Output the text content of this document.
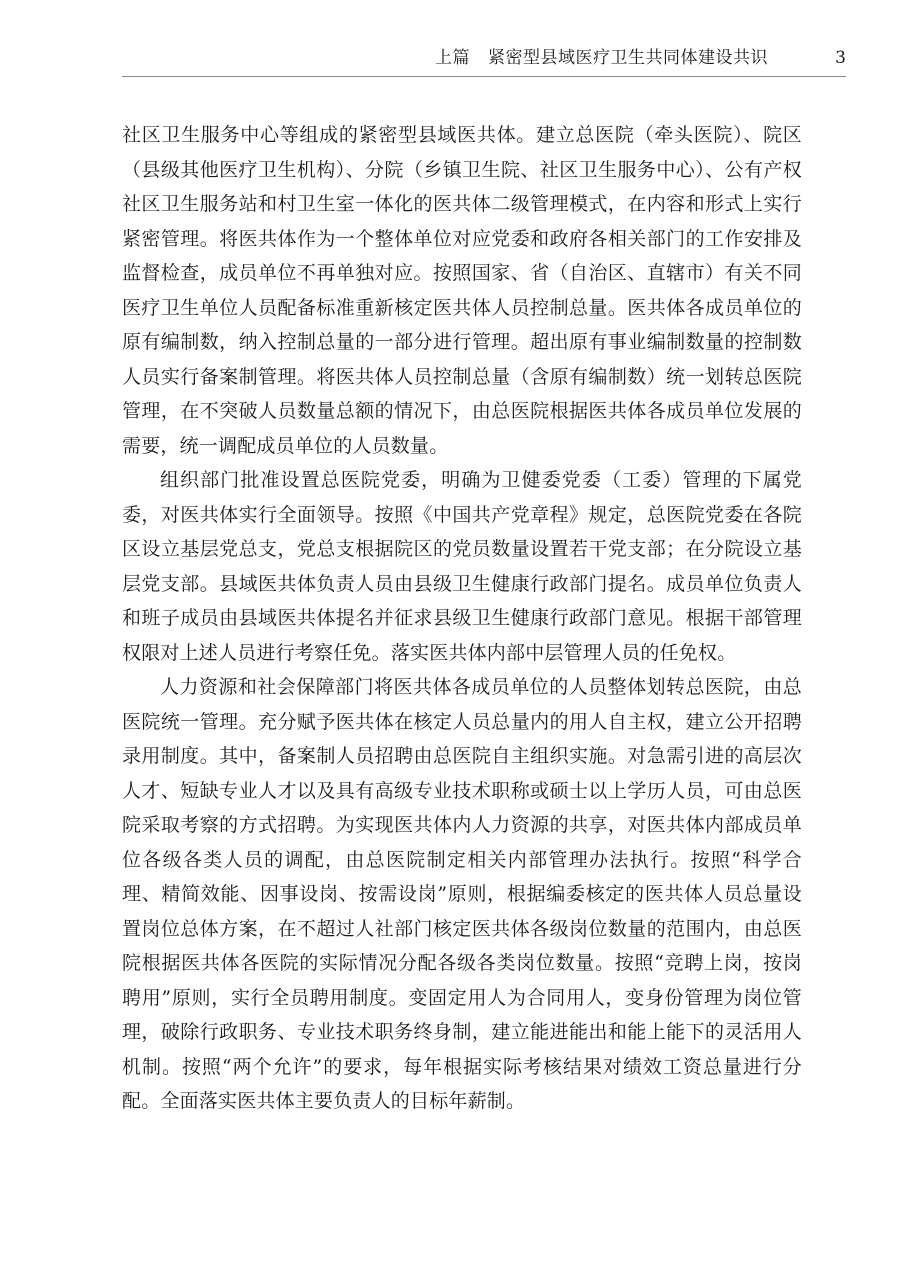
上篇 紧密型县域医疗卫生共同体建设共识	3

社区卫生服务中心等组成的紧密型县域医共体。建立总医院（牵头医院）、院区（县级其他医疗卫生机构）、分院（乡镇卫生院、社区卫生服务中心）、公有产权社区卫生服务站和村卫生室一体化的医共体二级管理模式，在内容和形式上实行紧密管理。将医共体作为一个整体单位对应党委和政府各相关部门的工作安排及监督检查，成员单位不再单独对应。按照国家、省（自治区、直辖市）有关不同医疗卫生单位人员配备标准重新核定医共体人员控制总量。医共体各成员单位的原有编制数，纳入控制总量的一部分进行管理。超出原有事业编制数量的控制数人员实行备案制管理。将医共体人员控制总量（含原有编制数）统一划转总医院管理，在不突破人员数量总额的情况下，由总医院根据医共体各成员单位发展的需要，统一调配成员单位的人员数量。

组织部门批准设置总医院党委，明确为卫健委党委（工委）管理的下属党委，对医共体实行全面领导。按照《中国共产党章程》规定，总医院党委在各院区设立基层党总支，党总支根据院区的党员数量设置若干党支部；在分院设立基层党支部。县域医共体负责人员由县级卫生健康行政部门提名。成员单位负责人和班子成员由县域医共体提名并征求县级卫生健康行政部门意见。根据干部管理权限对上述人员进行考察任免。落实医共体内部中层管理人员的任免权。

人力资源和社会保障部门将医共体各成员单位的人员整体划转总医院，由总医院统一管理。充分赋予医共体在核定人员总量内的用人自主权，建立公开招聘录用制度。其中，备案制人员招聘由总医院自主组织实施。对急需引进的高层次人才、短缺专业人才以及具有高级专业技术职称或硕士以上学历人员，可由总医院采取考察的方式招聘。为实现医共体内人力资源的共享，对医共体内部成员单位各级各类人员的调配，由总医院制定相关内部管理办法执行。按照“科学合理、精简效能、因事设岗、按需设岗”原则，根据编委核定的医共体人员总量设置岗位总体方案，在不超过人社部门核定医共体各级岗位数量的范围内，由总医院根据医共体各医院的实际情况分配各级各类岗位数量。按照“竞聘上岗，按岗聘用”原则，实行全员聘用制度。变固定用人为合同用人，变身份管理为岗位管理，破除行政职务、专业技术职务终身制，建立能进能出和能上能下的灵活用人机制。按照“两个允许”的要求，每年根据实际考核结果对绩效工资总量进行分配。全面落实医共体主要负责人的目标年薪制。
